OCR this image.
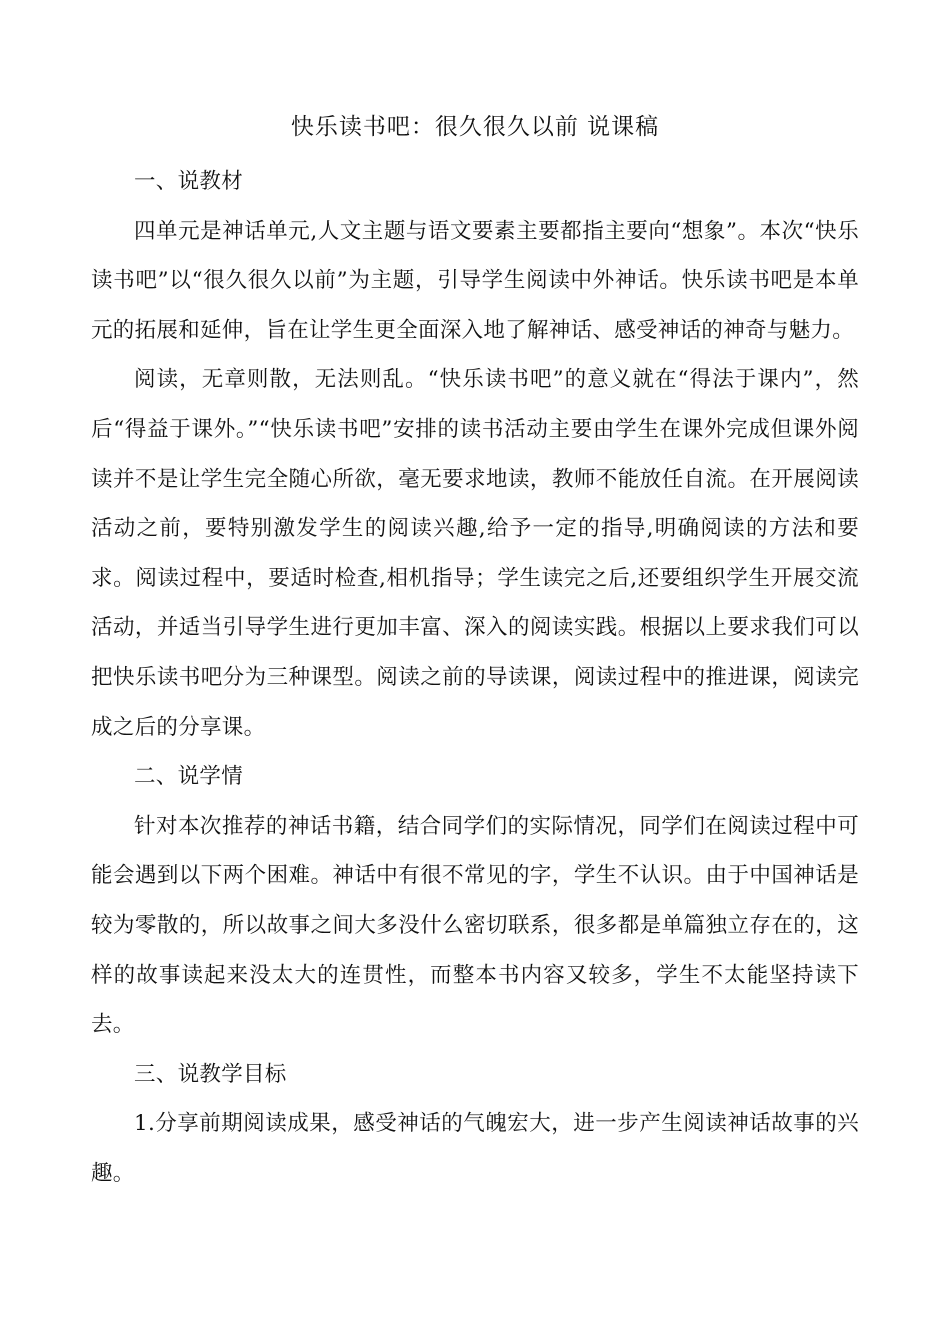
快乐读书吧：很久很久以前 说课稿

一、说教材

四单元是神话单元,人文主题与语文要素主要都指主要向“想象”。本次“快乐读书吧”以“很久很久以前”为主题，引导学生阅读中外神话。快乐读书吧是本单元的拓展和延伸，旨在让学生更全面深入地了解神话、感受神话的神奇与魅力。

阅读，无章则散，无法则乱。“快乐读书吧”的意义就在“得法于课内”，然后“得益于课外。”“快乐读书吧”安排的读书活动主要由学生在课外完成但课外阅读并不是让学生完全随心所欲，毫无要求地读，教师不能放任自流。在开展阅读活动之前，要特别激发学生的阅读兴趣,给予一定的指导,明确阅读的方法和要求。阅读过程中，要适时检查,相机指导；学生读完之后,还要组织学生开展交流活动，并适当引导学生进行更加丰富、深入的阅读实践。根据以上要求我们可以把快乐读书吧分为三种课型。阅读之前的导读课，阅读过程中的推进课，阅读完成之后的分享课。

二、说学情

针对本次推荐的神话书籍，结合同学们的实际情况，同学们在阅读过程中可能会遇到以下两个困难。神话中有很不常见的字，学生不认识。由于中国神话是较为零散的，所以故事之间大多没什么密切联系，很多都是单篇独立存在的，这样的故事读起来没太大的连贯性，而整本书内容又较多，学生不太能坚持读下去。

三、说教学目标

1.分享前期阅读成果，感受神话的气魄宏大，进一步产生阅读神话故事的兴趣。
